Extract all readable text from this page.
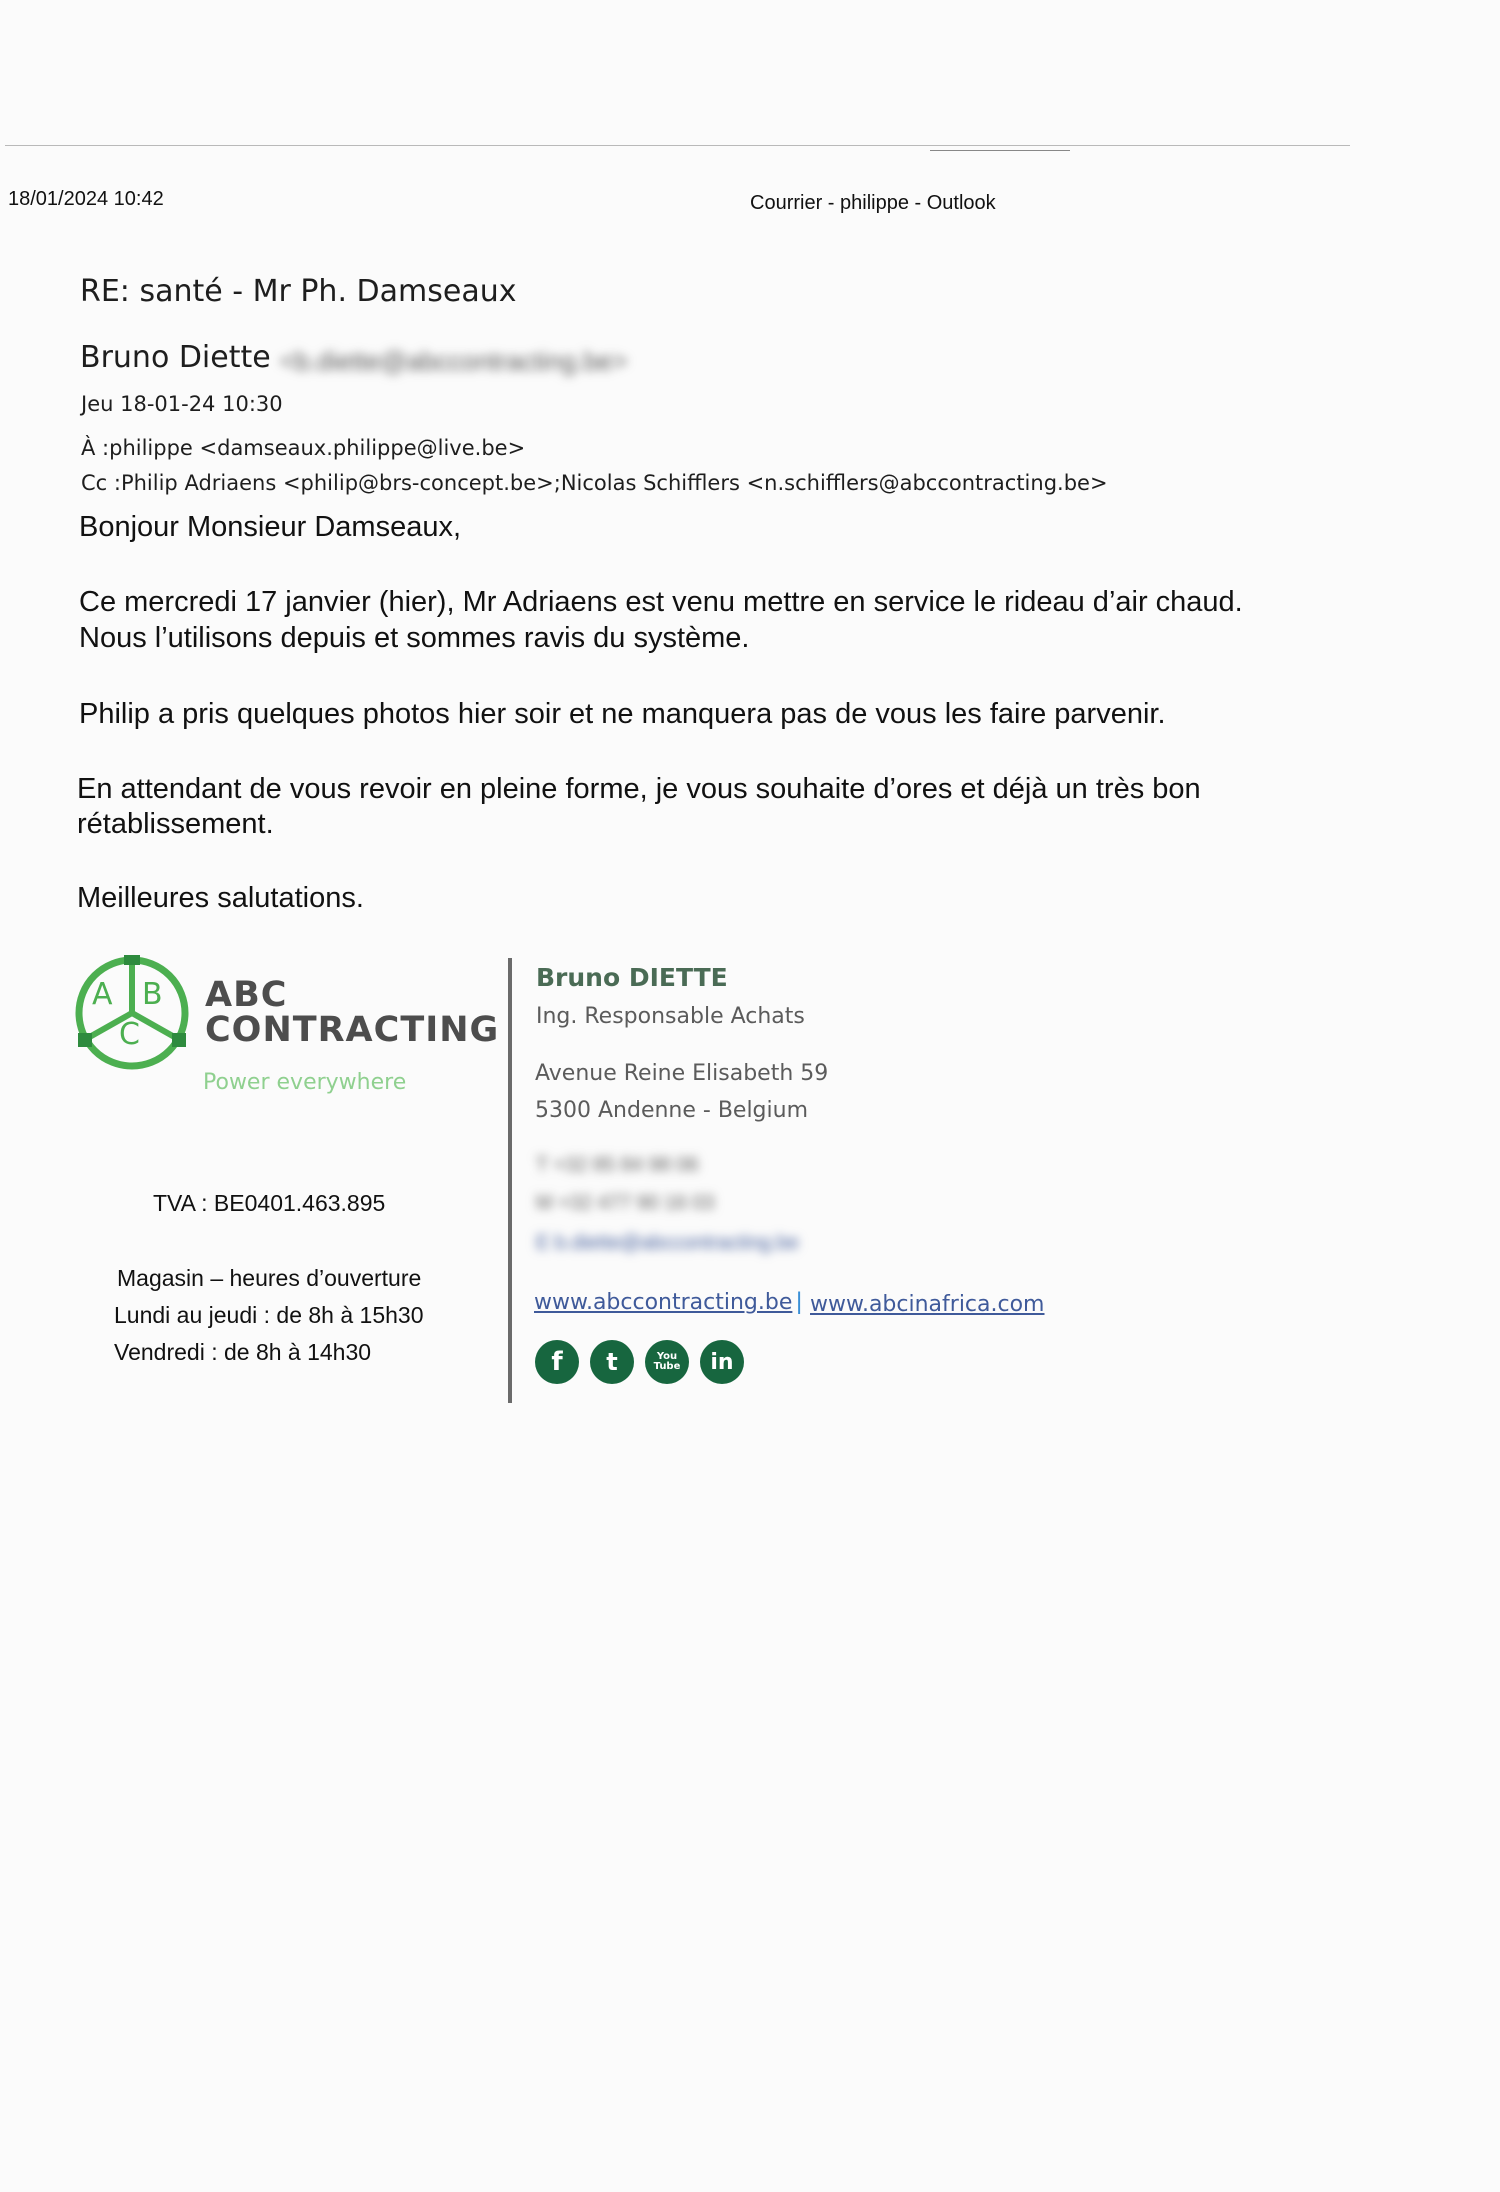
18/01/2024 10:42	Courrier - philippe - Outlook
RE: santé - Mr Ph. Damseaux
Bruno Diette <b.diette@abccontracting.be>
Jeu 18-01-24 10:30
À :philippe <damseaux.philippe@live.be>
Cc :Philip Adriaens <philip@brs-concept.be>;Nicolas Schifflers <n.schifflers@abccontracting.be>
Bonjour Monsieur Damseaux,
Ce mercredi 17 janvier (hier), Mr Adriaens est venu mettre en service le rideau d’air chaud.
Nous l’utilisons depuis et sommes ravis du système.
Philip a pris quelques photos hier soir et ne manquera pas de vous les faire parvenir.
En attendant de vous revoir en pleine forme, je vous souhaite d’ores et déjà un très bon
rétablissement.
Meilleures salutations.
A B
C
ABC
CONTRACTING
Power everywhere
TVA : BE0401.463.895
Magasin – heures d’ouverture
Lundi au jeudi : de 8h à 15h30
Vendredi : de 8h à 14h30
Bruno DIETTE
Ing. Responsable Achats
Avenue Reine Elisabeth 59
5300 Andenne - Belgium
T +32 85 84 98 06
M +32 477 90 16 03
E b.diette@abccontracting.be
www.abccontracting.be | www.abcinafrica.com
f	t	You Tube	in
